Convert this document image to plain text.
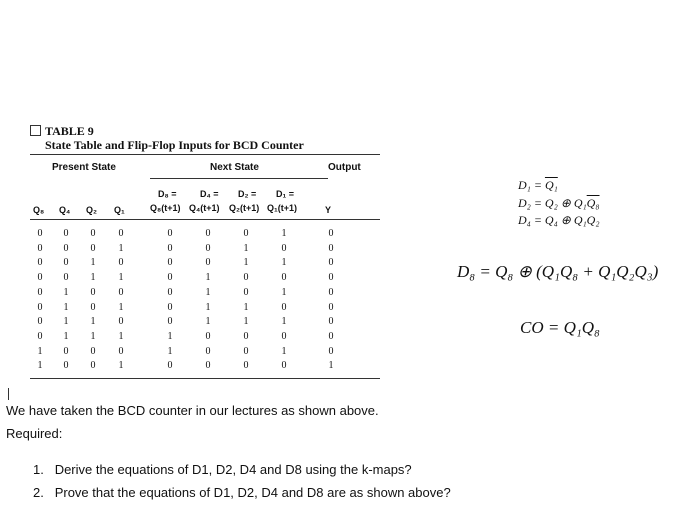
TABLE 9
State Table and Flip-Flop Inputs for BCD Counter
Present State	Next State	Output
D₈ =	D₄ = D₂ = D₁ =
Q₈(t+1) Q₄(t+1) Q₂(t+1) Q₁(t+1)
Q₈ Q₄ Q₂ Q₁	Y
0 0 0 0	0	0	0	1	0
0 0 0 1	0	0	1	0	0
0 0 1 0	0	0	1	1	0
0 0 1 1	0	1	0	0	0
0 1 0 0	0	1	0	1	0
0 1 0 1	0	1	1	0	0
0 1 1 0	0	1	1	1	0
0 1 1 1	1	0	0	0	0
1 0 0 0	1	0	0	1	0
1 0 0 1	0	0	0	0	1
D₁ = Q₁
D₂ = Q₂ ⊕ Q₁Q₈
D₄ = Q₄ ⊕ Q₁Q₂
D₈ = Q₈ ⊕ (Q₁Q₈ + Q₁Q₂Q₃)
CO = Q₁Q₈
We have taken the BCD counter in our lectures as shown above.
Required:
1. Derive the equations of D1, D2, D4 and D8 using the k-maps?
2. Prove that the equations of D1, D2, D4 and D8 are as shown above?
